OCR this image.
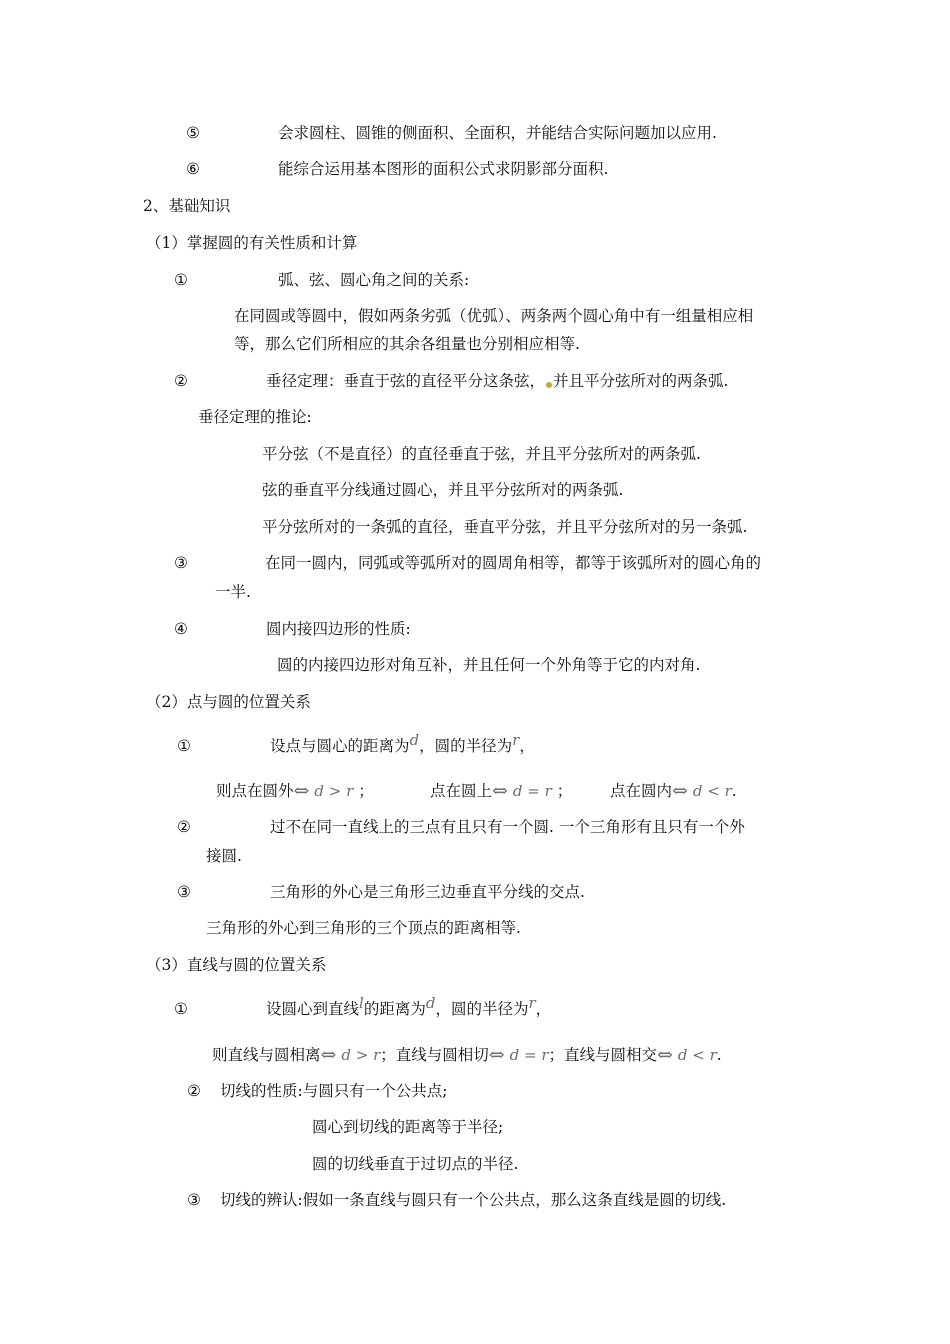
⑤	会求圆柱、圆锥的侧面积、全面积，并能结合实际问题加以应用.
⑥	能综合运用基本图形的面积公式求阴影部分面积.
2、基础知识
（1）掌握圆的有关性质和计算
①	弧、弦、圆心角之间的关系:
在同圆或等圆中，假如两条劣弧（优弧）、两条两个圆心角中有一组量相应相
等，那么它们所相应的其余各组量也分别相应相等.
②	垂径定理：垂直于弦的直径平分这条弦， 并且平分弦所对的两条弧.
垂径定理的推论:
平分弦（不是直径）的直径垂直于弦，并且平分弦所对的两条弧.
弦的垂直平分线通过圆心，并且平分弦所对的两条弧.
平分弦所对的一条弧的直径，垂直平分弦，并且平分弦所对的另一条弧.
③	在同一圆内，同弧或等弧所对的圆周角相等，都等于该弧所对的圆心角的
一半.
④	圆内接四边形的性质:
圆的内接四边形对角互补，并且任何一个外角等于它的内对角.
（2）点与圆的位置关系
①	设点与圆心的距离为d，圆的半径为r，
则点在圆外⇔ d > r ；	点在圆上⇔ d = r ； 点在圆内⇔ d < r.
②	过不在同一直线上的三点有且只有一个圆. 一个三角形有且只有一个外
接圆.
③	三角形的外心是三角形三边垂直平分线的交点.
三角形的外心到三角形的三个顶点的距离相等.
（3）直线与圆的位置关系
①	设圆心到直线l的距离为d，圆的半径为r，
则直线与圆相离⇔ d > r；直线与圆相切⇔ d = r；直线与圆相交⇔ d < r.
② 切线的性质:与圆只有一个公共点;
圆心到切线的距离等于半径;
圆的切线垂直于过切点的半径.
③ 切线的辨认:假如一条直线与圆只有一个公共点，那么这条直线是圆的切线.
